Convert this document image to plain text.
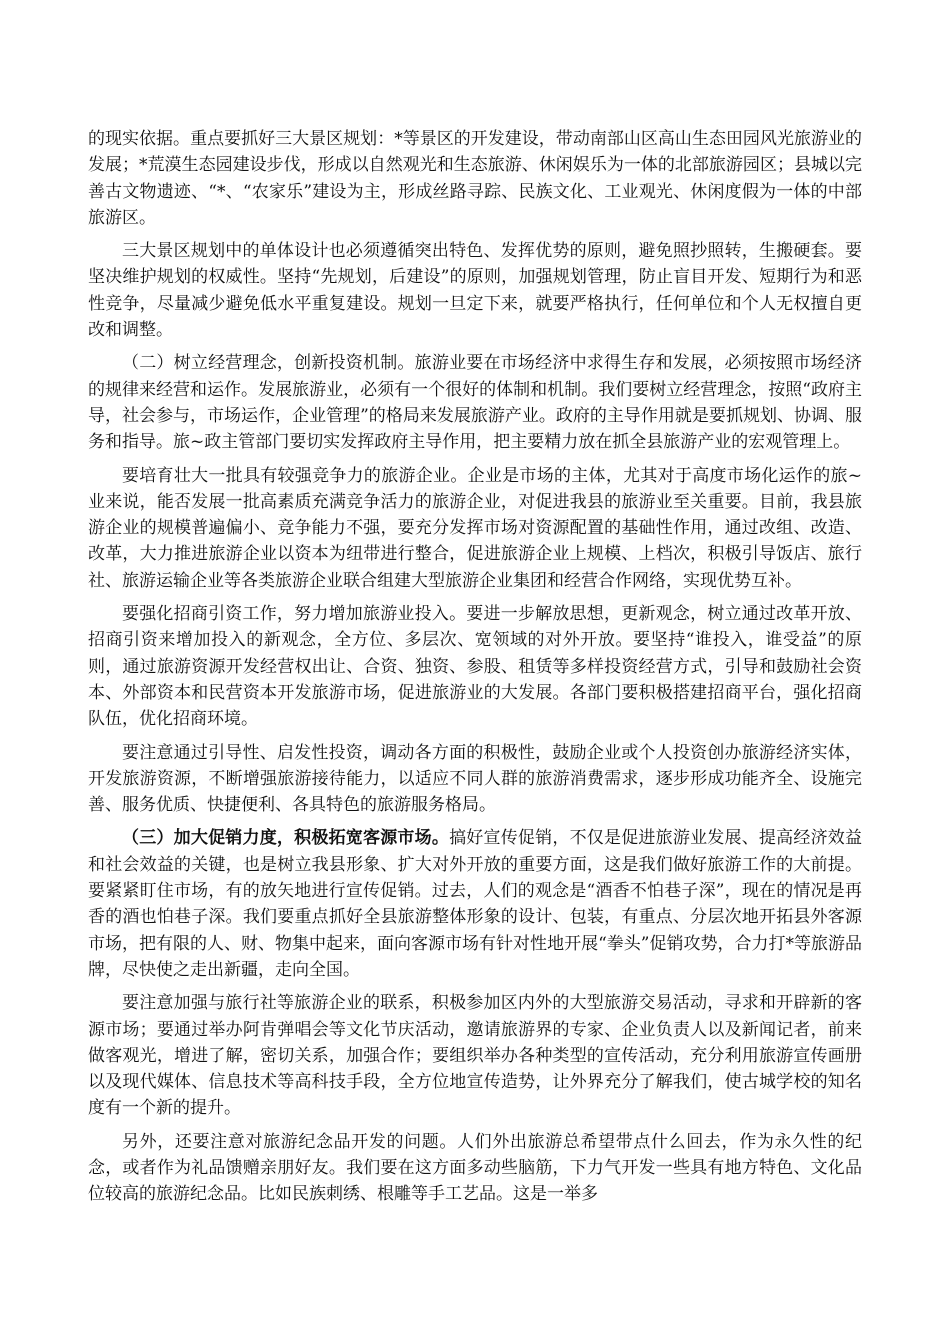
的现实依据。重点要抓好三大景区规划：*等景区的开发建设，带动南部山区高山生态田园风光旅游业的发展；*荒漠生态园建设步伐，形成以自然观光和生态旅游、休闲娱乐为一体的北部旅游园区；县城以完善古文物遗迹、“*、“农家乐”建设为主，形成丝路寻踪、民族文化、工业观光、休闲度假为一体的中部旅游区。

三大景区规划中的单体设计也必须遵循突出特色、发挥优势的原则，避免照抄照转，生搬硬套。要坚决维护规划的权威性。坚持“先规划，后建设”的原则，加强规划管理，防止盲目开发、短期行为和恶性竞争，尽量减少避免低水平重复建设。规划一旦定下来，就要严格执行，任何单位和个人无权擅自更改和调整。

（二）树立经营理念，创新投资机制。旅游业要在市场经济中求得生存和发展，必须按照市场经济的规律来经营和运作。发展旅游业，必须有一个很好的体制和机制。我们要树立经营理念，按照“政府主导，社会参与，市场运作，企业管理”的格局来发展旅游产业。政府的主导作用就是要抓规划、协调、服务和指导。旅~政主管部门要切实发挥政府主导作用，把主要精力放在抓全县旅游产业的宏观管理上。

要培育壮大一批具有较强竞争力的旅游企业。企业是市场的主体，尤其对于高度市场化运作的旅~业来说，能否发展一批高素质充满竞争活力的旅游企业，对促进我县的旅游业至关重要。目前，我县旅游企业的规模普遍偏小、竞争能力不强，要充分发挥市场对资源配置的基础性作用，通过改组、改造、改革，大力推进旅游企业以资本为纽带进行整合，促进旅游企业上规模、上档次，积极引导饭店、旅行社、旅游运输企业等各类旅游企业联合组建大型旅游企业集团和经营合作网络，实现优势互补。

要强化招商引资工作，努力增加旅游业投入。要进一步解放思想，更新观念，树立通过改革开放、招商引资来增加投入的新观念，全方位、多层次、宽领域的对外开放。要坚持“谁投入，谁受益”的原则，通过旅游资源开发经营权出让、合资、独资、参股、租赁等多样投资经营方式，引导和鼓励社会资本、外部资本和民营资本开发旅游市场，促进旅游业的大发展。各部门要积极搭建招商平台，强化招商队伍，优化招商环境。

要注意通过引导性、启发性投资，调动各方面的积极性，鼓励企业或个人投资创办旅游经济实体，开发旅游资源，不断增强旅游接待能力，以适应不同人群的旅游消费需求，逐步形成功能齐全、设施完善、服务优质、快捷便利、各具特色的旅游服务格局。

（三）加大促销力度，积极拓宽客源市场。搞好宣传促销，不仅是促进旅游业发展、提高经济效益和社会效益的关键，也是树立我县形象、扩大对外开放的重要方面，这是我们做好旅游工作的大前提。要紧紧盯住市场，有的放矢地进行宣传促销。过去，人们的观念是“酒香不怕巷子深”，现在的情况是再香的酒也怕巷子深。我们要重点抓好全县旅游整体形象的设计、包装，有重点、分层次地开拓县外客源市场，把有限的人、财、物集中起来，面向客源市场有针对性地开展“拳头”促销攻势，合力打*等旅游品牌，尽快使之走出新疆，走向全国。

要注意加强与旅行社等旅游企业的联系，积极参加区内外的大型旅游交易活动，寻求和开辟新的客源市场；要通过举办阿肯弹唱会等文化节庆活动，邀请旅游界的专家、企业负责人以及新闻记者，前来做客观光，增进了解，密切关系，加强合作；要组织举办各种类型的宣传活动，充分利用旅游宣传画册以及现代媒体、信息技术等高科技手段，全方位地宣传造势，让外界充分了解我们，使古城学校的知名度有一个新的提升。

另外，还要注意对旅游纪念品开发的问题。人们外出旅游总希望带点什么回去，作为永久性的纪念，或者作为礼品馈赠亲朋好友。我们要在这方面多动些脑筋，下力气开发一些具有地方特色、文化品位较高的旅游纪念品。比如民族刺绣、根雕等手工艺品。这是一举多
